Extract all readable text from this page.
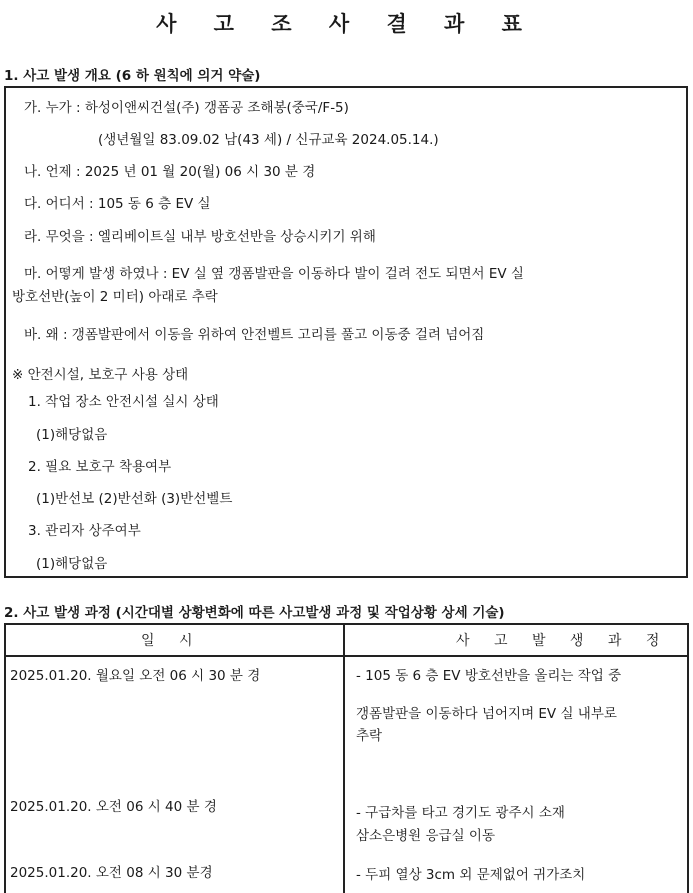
사 고 조 사 결 과 표
1. 사고 발생 개요 (6 하 원칙에 의거 약술)
가. 누가 : 하성이앤씨건설(주) 갱폼공 조해봉(중국/F-5)
(생년월일 83.09.02 남(43 세) / 신규교육 2024.05.14.)
나. 언제 : 2025 년 01 월 20(월) 06 시 30 분 경
다. 어디서 : 105 동 6 층 EV 실
라. 무엇을 : 엘리베이트실 내부 방호선반을 상승시키기 위해
마. 어떻게 발생 하였나 : EV 실 옆 갱폼발판을 이동하다 발이 걸려 전도 되면서 EV 실
방호선반(높이 2 미터) 아래로 추락
바. 왜 : 갱폼발판에서 이동을 위하여 안전벨트 고리를 풀고 이동중 걸려 넘어짐
※ 안전시설, 보호구 사용 상태
1. 작업 장소 안전시설 실시 상태
(1)해당없음
2. 필요 보호구 착용여부
(1)반선보 (2)반선화 (3)반선벨트
3. 관리자 상주여부
(1)해당없음
2. 사고 발생 과정 (시간대별 상황변화에 따른 사고발생 과정 및 작업상황 상세 기술)
일 시	사 고 발 생 과 정
2025.01.20. 월요일 오전 06 시 30 분 경	- 105 동 6 층 EV 방호선반을 올리는 작업 중
갱폼발판을 이동하다 넘어지며 EV 실 내부로
추락
2025.01.20. 오전 06 시 40 분 경	- 구급차를 타고 경기도 광주시 소재
삼소은병원 응급실 이동
2025.01.20. 오전 08 시 30 분경	- 두피 열상 3cm 외 문제없어 귀가조치
